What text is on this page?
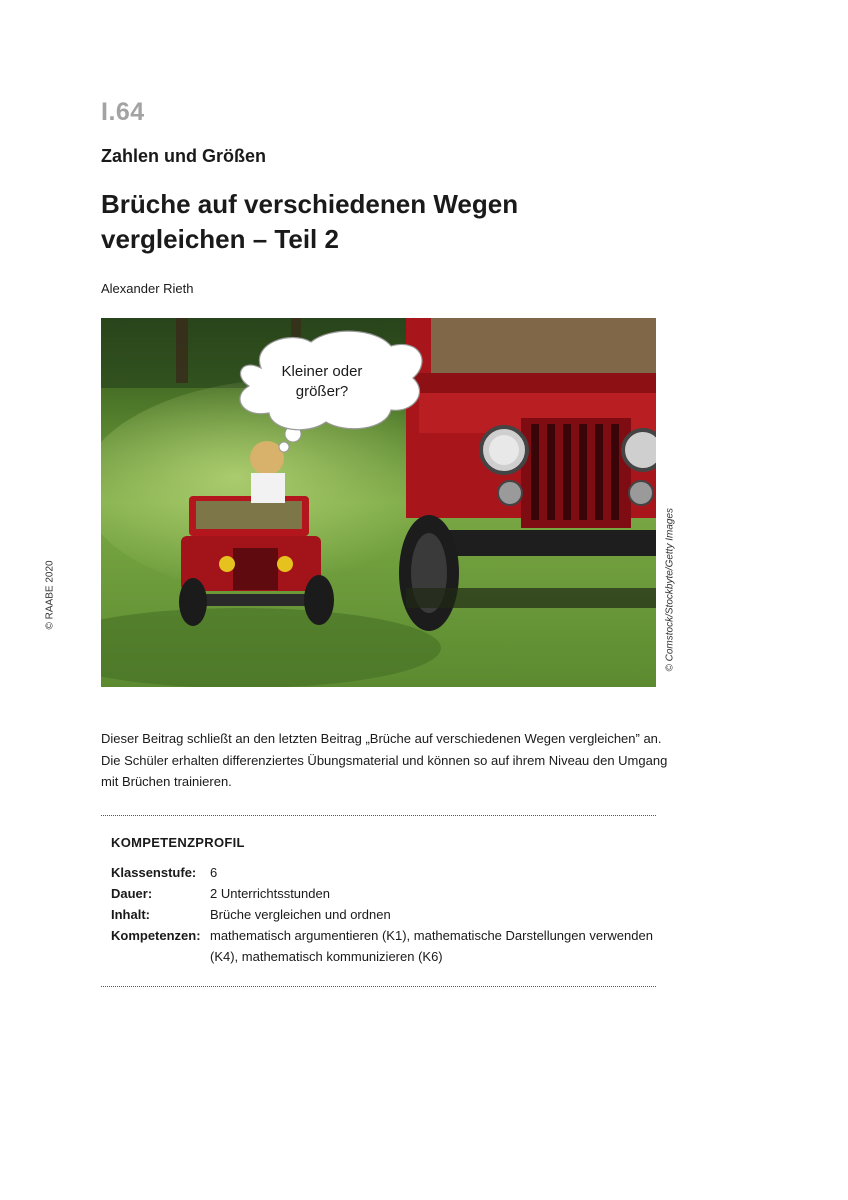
I.64
Zahlen und Größen
Brüche auf verschiedenen Wegen
vergleichen – Teil 2
Alexander Rieth
© RAABE 2020
Kleiner oder
größer?
© Comstock/Stockbyte/Getty Images
Dieser Beitrag schließt an den letzten Beitrag „Brüche auf verschiedenen Wegen vergleichen” an.
Die Schüler erhalten differenziertes Übungsmaterial und können so auf ihrem Niveau den Umgang
mit Brüchen trainieren.
KOMPETENZPROFIL
Klassenstufe: 6
Dauer:	2 Unterrichtsstunden
Inhalt:	Brüche vergleichen und ordnen
Kompetenzen: mathematisch argumentieren (K1), mathematische Darstellungen verwenden
(K4), mathematisch kommunizieren (K6)
